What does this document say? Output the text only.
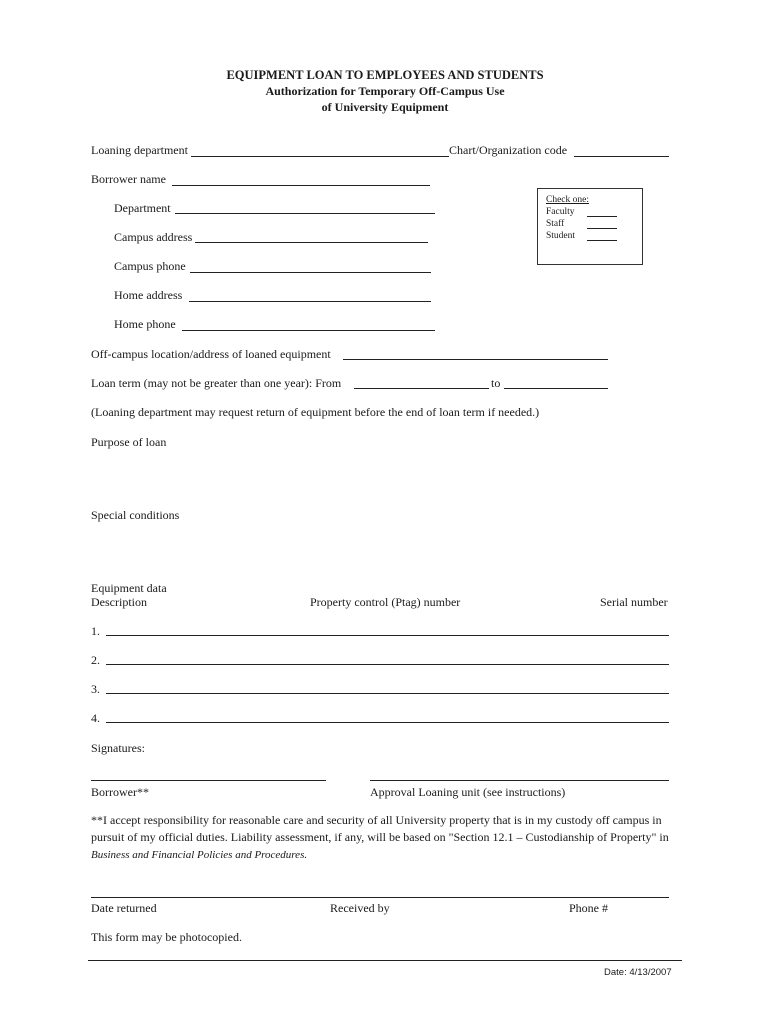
EQUIPMENT LOAN TO EMPLOYEES AND STUDENTS
Authorization for Temporary Off-Campus Use
of University Equipment
Loaning department	Chart/Organization code
Borrower name
Department
Campus address
Campus phone
Home address
Home phone
Check one:
Faculty
Staff
Student
Off-campus location/address of loaned equipment
Loan term (may not be greater than one year): From	to
(Loaning department may request return of equipment before the end of loan term if needed.)
Purpose of loan
Special conditions
Equipment data
Description	Property control (Ptag) number	Serial number
1.
2.
3.
4.
Signatures:
Borrower**	Approval Loaning unit (see instructions)
**I accept responsibility for reasonable care and security of all University property that is in my custody off campus in pursuit of my official duties. Liability assessment, if any, will be based on "Section 12.1 – Custodianship of Property" in
Business and Financial Policies and Procedures.
Date returned	Received by	Phone #
This form may be photocopied.
Date: 4/13/2007
